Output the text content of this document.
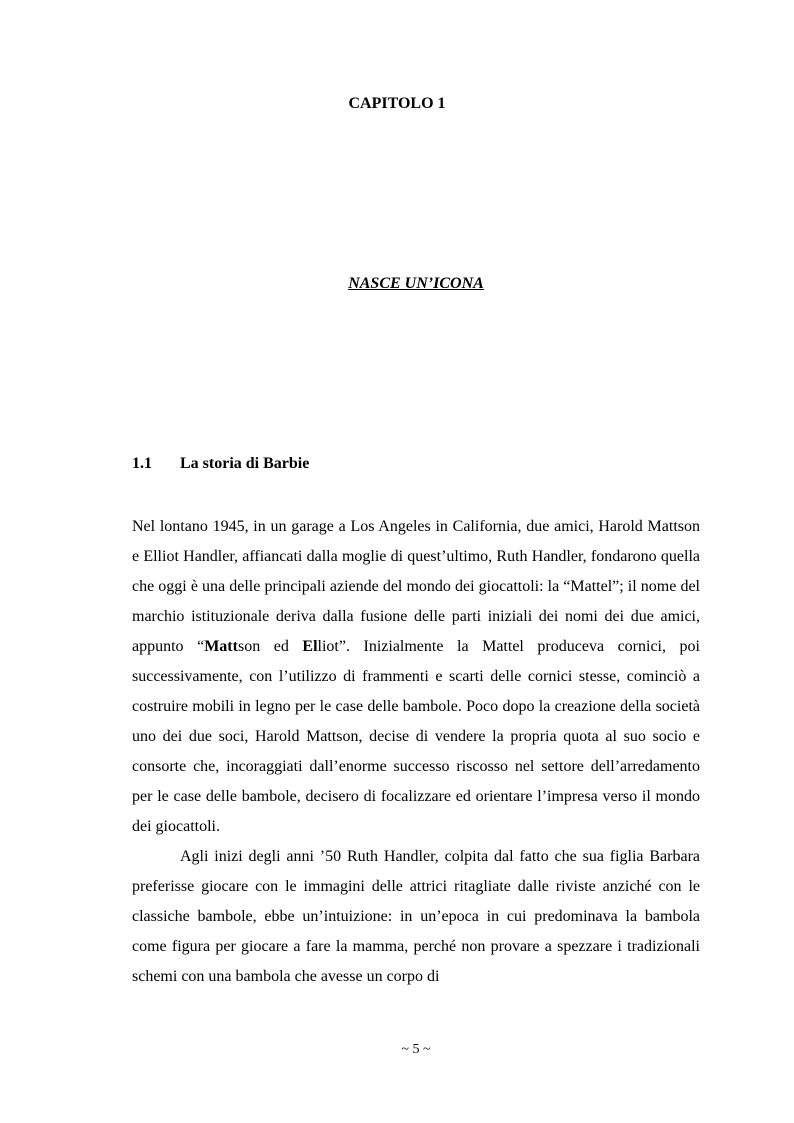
CAPITOLO 1
NASCE UN’ICONA
1.1 La storia di Barbie

Nel lontano 1945, in un garage a Los Angeles in California, due amici, Harold Mattson e Elliot Handler, affiancati dalla moglie di quest’ultimo, Ruth Handler, fondarono quella che oggi è una delle principali aziende del mondo dei giocattoli: la “Mattel”; il nome del marchio istituzionale deriva dalla fusione delle parti iniziali dei nomi dei due amici, appunto “Mattson ed Elliot”. Inizialmente la Mattel produceva cornici, poi successivamente, con l’utilizzo di frammenti e scarti delle cornici stesse, cominciò a costruire mobili in legno per le case delle bambole. Poco dopo la creazione della società uno dei due soci, Harold Mattson, decise di vendere la propria quota al suo socio e consorte che, incoraggiati dall’enorme successo riscosso nel settore dell’arredamento per le case delle bambole, decisero di focalizzare ed orientare l’impresa verso il mondo dei giocattoli.

Agli inizi degli anni ’50 Ruth Handler, colpita dal fatto che sua figlia Barbara preferisse giocare con le immagini delle attrici ritagliate dalle riviste anziché con le classiche bambole, ebbe un’intuizione: in un’epoca in cui predominava la bambola come figura per giocare a fare la mamma, perché non provare a spezzare i tradizionali schemi con una bambola che avesse un corpo di

~ 5 ~
